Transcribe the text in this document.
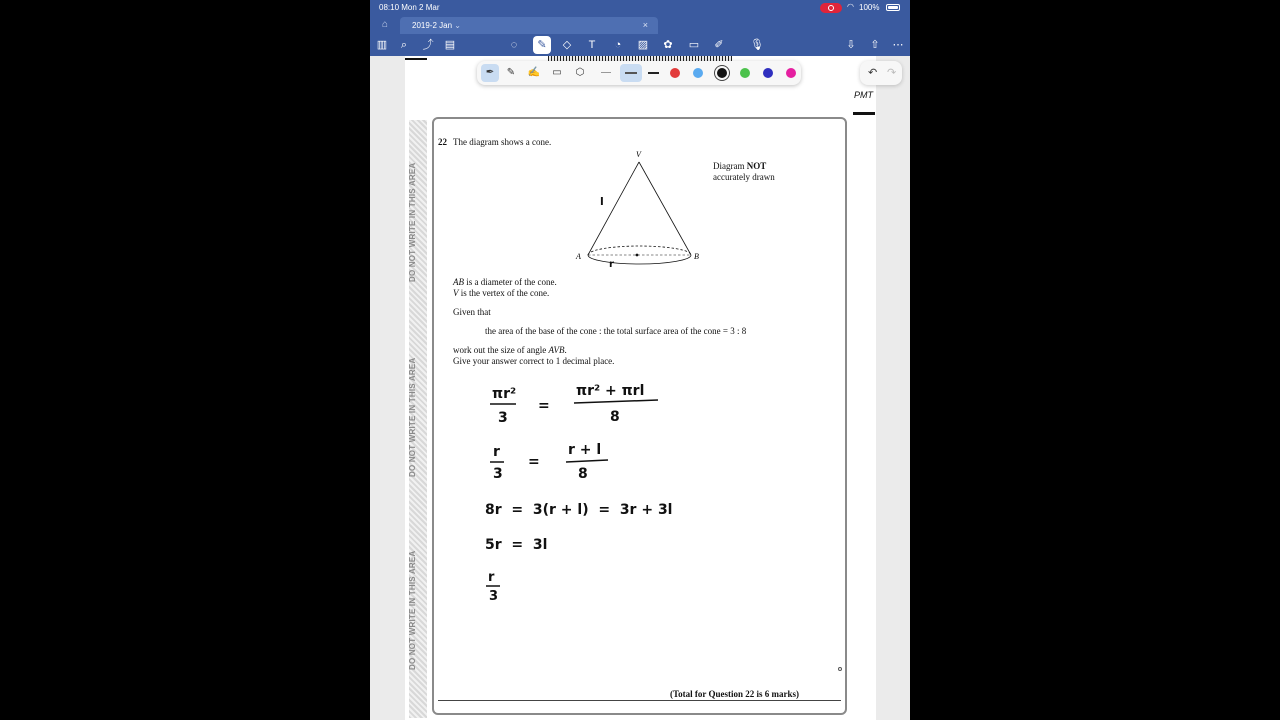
08:10 Mon 2 Mar	◠ 100%
⌂	2019-2 Jan ⌄	×
▥	⌕	⤴ ▤	◌	✎	◇	T	◔	▨	✿	▭	✐	🎙	⇩	⇧	⋯
PMT
✒	✎ ✍ ▭ ⬡	↶ ↷
DO NOT WRITE IN THIS AREA
DO NOT WRITE IN THIS AREA
DO NOT WRITE IN THIS AREA
22 The diagram shows a cone.
Diagram NOT
accurately drawn
V
A	B
l
r
AB is a diameter of the cone.
V is the vertex of the cone.
Given that
the area of the base of the cone : the total surface area of the cone = 3 : 8
work out the size of angle AVB.
Give your answer correct to 1 decimal place.
πr²
3
=
πr² + πrl
8
r
3
=
r + l
8
8r  =  3(r + l)  =  3r + 3l
5r  =  3l
r
3
(Total for Question 22 is 6 marks)
